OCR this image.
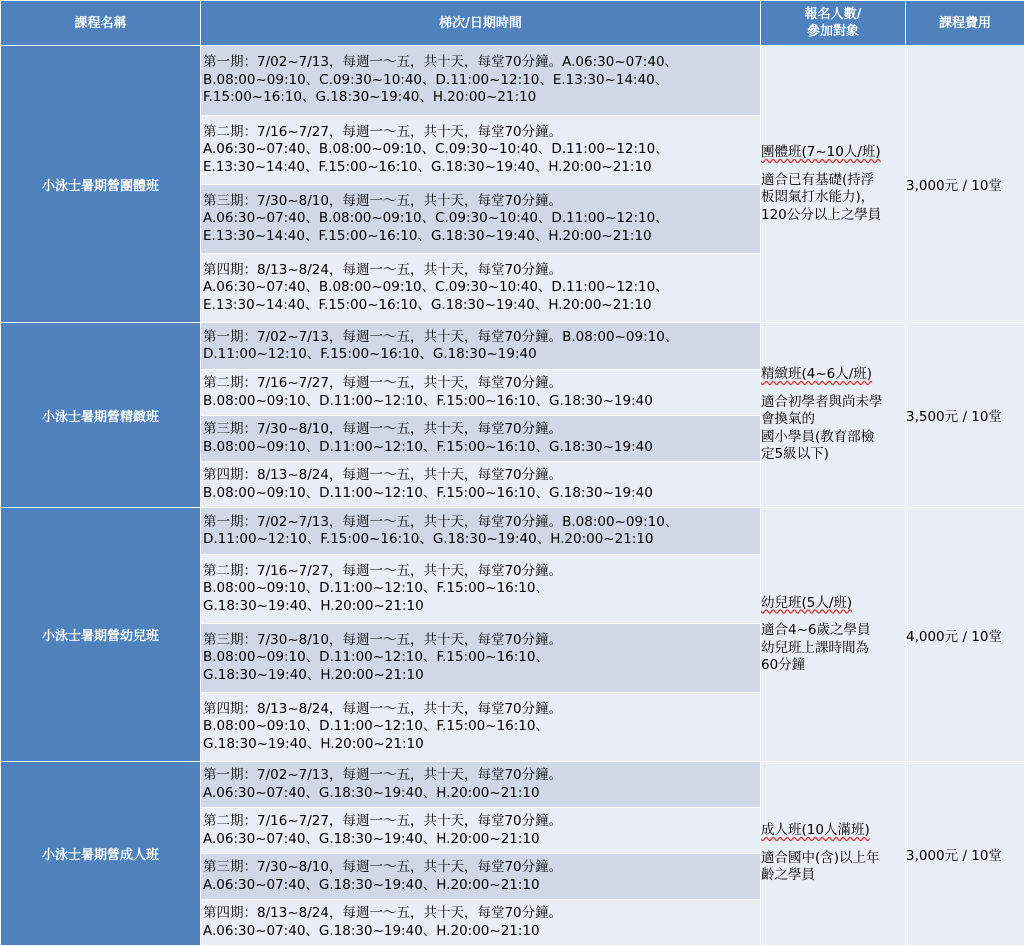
課程名稱	梯次/日期時間	報名人數/
參加對象	課程費用
小泳士暑期營團體班	第一期：7/02~7/13，每週一～五，共十天，每堂70分鐘。A.06:30~07:40、
B.08:00~09:10、C.09:30~10:40、D.11:00~12:10、E.13:30~14:40、
F.15:00~16:10、G.18:30~19:40、H.20:00~21:10	團體班(7~10人/班)
適合已有基礎(持浮
板悶氣打水能力)，
120公分以上之學員	3,000元 / 10堂

	第二期：7/16~7/27，每週一～五，共十天，每堂70分鐘。
A.06:30~07:40、B.08:00~09:10、C.09:30~10:40、D.11:00~12:10、
E.13:30~14:40、F.15:00~16:10、G.18:30~19:40、H.20:00~21:10		

	第三期：7/30~8/10，每週一～五，共十天，每堂70分鐘。
A.06:30~07:40、B.08:00~09:10、C.09:30~10:40、D.11:00~12:10、
E.13:30~14:40、F.15:00~16:10、G.18:30~19:40、H.20:00~21:10		

	第四期：8/13~8/24，每週一～五，共十天，每堂70分鐘。
A.06:30~07:40、B.08:00~09:10、C.09:30~10:40、D.11:00~12:10、
E.13:30~14:40、F.15:00~16:10、G.18:30~19:40、H.20:00~21:10		

小泳士暑期營精緻班	第一期：7/02~7/13，每週一～五，共十天，每堂70分鐘。B.08:00~09:10、
D.11:00~12:10、F.15:00~16:10、G.18:30~19:40	精緻班(4~6人/班)
適合初學者與尚未學
會換氣的
國小學員(教育部檢
定5級以下)	3,500元 / 10堂

	第二期：7/16~7/27，每週一～五，共十天，每堂70分鐘。
B.08:00~09:10、D.11:00~12:10、F.15:00~16:10、G.18:30~19:40		

	第三期：7/30~8/10，每週一～五，共十天，每堂70分鐘。
B.08:00~09:10、D.11:00~12:10、F.15:00~16:10、G.18:30~19:40		

	第四期：8/13~8/24，每週一～五，共十天，每堂70分鐘。
B.08:00~09:10、D.11:00~12:10、F.15:00~16:10、G.18:30~19:40		

小泳士暑期營幼兒班	第一期：7/02~7/13，每週一～五，共十天，每堂70分鐘。B.08:00~09:10、
D.11:00~12:10、F.15:00~16:10、G.18:30~19:40、H.20:00~21:10	幼兒班(5人/班)
適合4~6歲之學員
幼兒班上課時間為
60分鐘	4,000元 / 10堂

	第二期：7/16~7/27，每週一～五，共十天，每堂70分鐘。
B.08:00~09:10、D.11:00~12:10、F.15:00~16:10、
G.18:30~19:40、H.20:00~21:10		

	第三期：7/30~8/10，每週一～五，共十天，每堂70分鐘。
B.08:00~09:10、D.11:00~12:10、F.15:00~16:10、
G.18:30~19:40、H.20:00~21:10		

	第四期：8/13~8/24，每週一～五，共十天，每堂70分鐘。
B.08:00~09:10、D.11:00~12:10、F.15:00~16:10、
G.18:30~19:40、H.20:00~21:10		

小泳士暑期營成人班	第一期：7/02~7/13，每週一～五，共十天，每堂70分鐘。
A.06:30~07:40、G.18:30~19:40、H.20:00~21:10	成人班(10人滿班)
適合國中(含)以上年
齡之學員	3,000元 / 10堂

	第二期：7/16~7/27，每週一～五，共十天，每堂70分鐘。
A.06:30~07:40、G.18:30~19:40、H.20:00~21:10		

	第三期：7/30~8/10，每週一～五，共十天，每堂70分鐘。
A.06:30~07:40、G.18:30~19:40、H.20:00~21:10		

	第四期：8/13~8/24，每週一～五，共十天，每堂70分鐘。
A.06:30~07:40、G.18:30~19:40、H.20:00~21:10		
